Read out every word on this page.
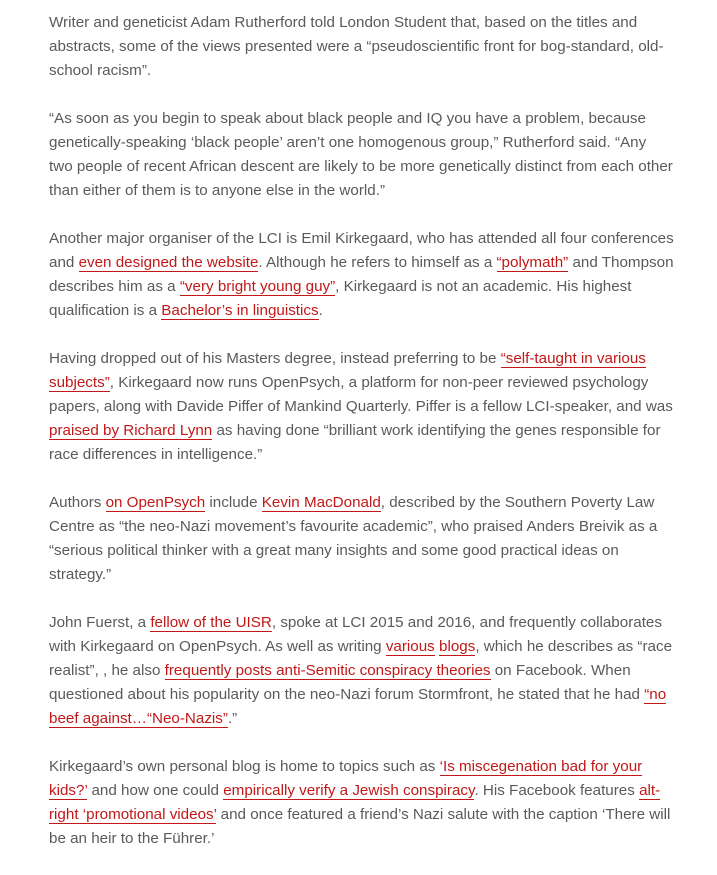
Writer and geneticist Adam Rutherford told London Student that, based on the titles and abstracts, some of the views presented were a “pseudoscientific front for bog-standard, old-school racism”.

“As soon as you begin to speak about black people and IQ you have a problem, because genetically-speaking ‘black people’ aren’t one homogenous group,” Rutherford said. “Any two people of recent African descent are likely to be more genetically distinct from each other than either of them is to anyone else in the world.”

Another major organiser of the LCI is Emil Kirkegaard, who has attended all four conferences and even designed the website. Although he refers to himself as a “polymath” and Thompson describes him as a “very bright young guy”, Kirkegaard is not an academic. His highest qualification is a Bachelor’s in linguistics.

Having dropped out of his Masters degree, instead preferring to be “self-taught in various subjects”, Kirkegaard now runs OpenPsych, a platform for non-peer reviewed psychology papers, along with Davide Piffer of Mankind Quarterly. Piffer is a fellow LCI-speaker, and was praised by Richard Lynn as having done “brilliant work identifying the genes responsible for race differences in intelligence.”

Authors on OpenPsych include Kevin MacDonald, described by the Southern Poverty Law Centre as “the neo-Nazi movement’s favourite academic”, who praised Anders Breivik as a “serious political thinker with a great many insights and some good practical ideas on strategy.”

John Fuerst, a fellow of the UISR, spoke at LCI 2015 and 2016, and frequently collaborates with Kirkegaard on OpenPsych. As well as writing various blogs, which he describes as “race realist”, , he also frequently posts anti-Semitic conspiracy theories on Facebook. When questioned about his popularity on the neo-Nazi forum Stormfront, he stated that he had “no beef against…“Neo-Nazis”.”

Kirkegaard’s own personal blog is home to topics such as ‘Is miscegenation bad for your kids?’ and how one could empirically verify a Jewish conspiracy. His Facebook features alt-right ‘promotional videos’ and once featured a friend’s Nazi salute with the caption ‘There will be an heir to the Führer.’
